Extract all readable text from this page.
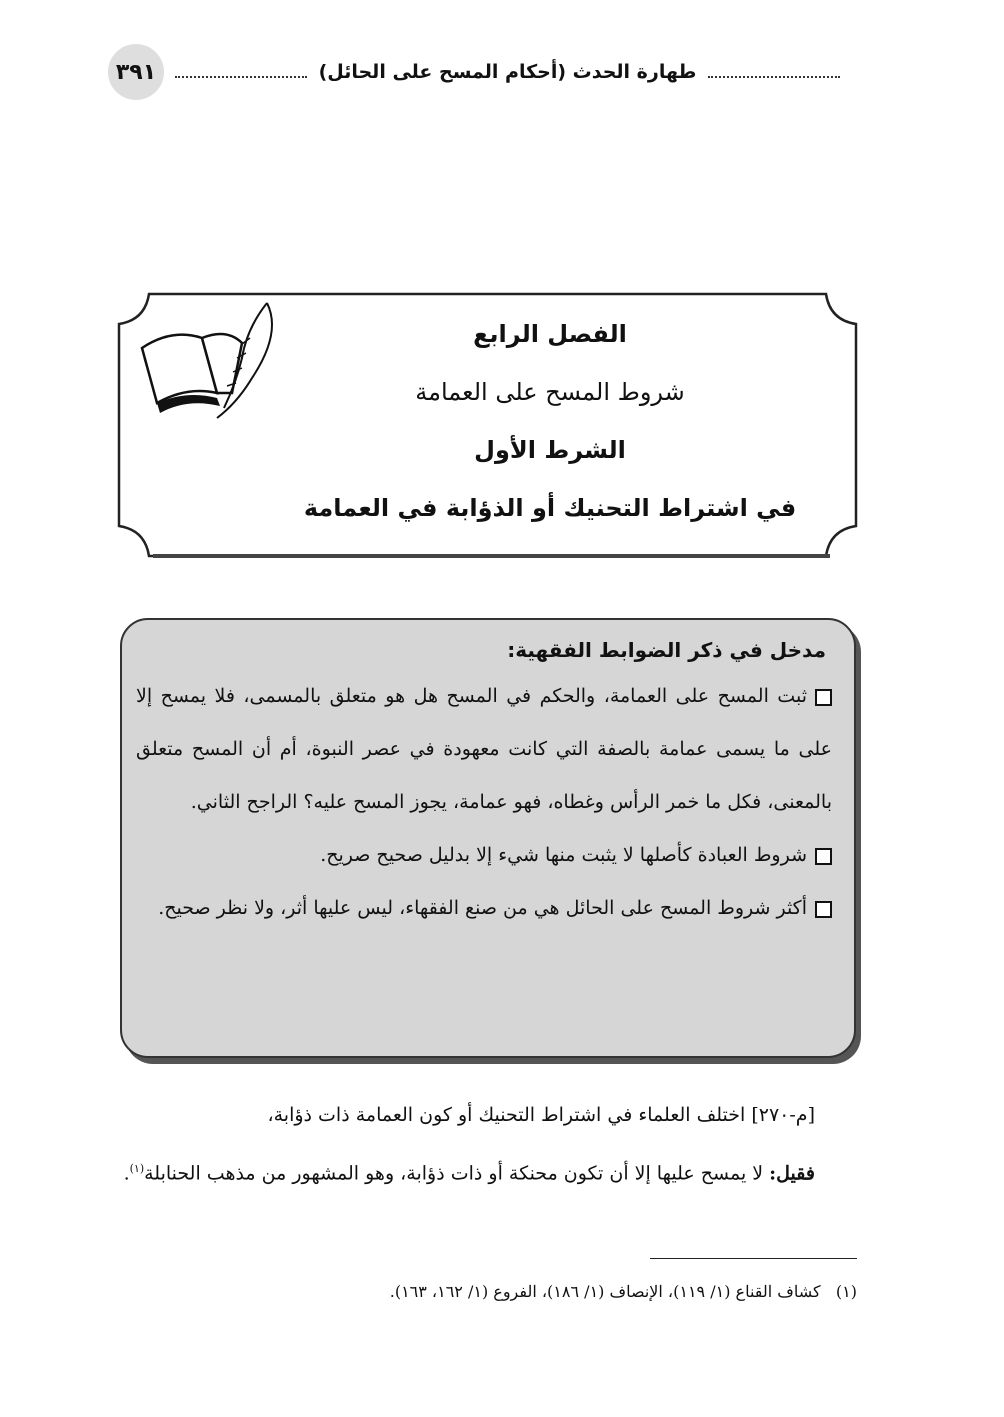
طهارة الحدث (أحكام المسح على الحائل)
٣٩١
الفصل الرابع
شروط المسح على العمامة
الشرط الأول
في اشتراط التحنيك أو الذؤابة في العمامة
مدخل في ذكر الضوابط الفقهية:
ثبت المسح على العمامة، والحكم في المسح هل هو متعلق بالمسمى، فلا يمسح إلا على ما يسمى عمامة بالصفة التي كانت معهودة في عصر النبوة، أم أن المسح متعلق بالمعنى، فكل ما خمر الرأس وغطاه، فهو عمامة، يجوز المسح عليه؟ الراجح الثاني.
شروط العبادة كأصلها لا يثبت منها شيء إلا بدليل صحيح صريح.
أكثر شروط المسح على الحائل هي من صنع الفقهاء، ليس عليها أثر، ولا نظر صحيح.

[م-٢٧٠] اختلف العلماء في اشتراط التحنيك أو كون العمامة ذات ذؤابة،

فقيل: لا يمسح عليها إلا أن تكون محنكة أو ذات ذؤابة، وهو المشهور من مذهب الحنابلة$^{(١)}$.

(١)   كشاف القناع (١/ ١١٩)، الإنصاف (١/ ١٨٦)، الفروع (١/ ١٦٢، ١٦٣).
